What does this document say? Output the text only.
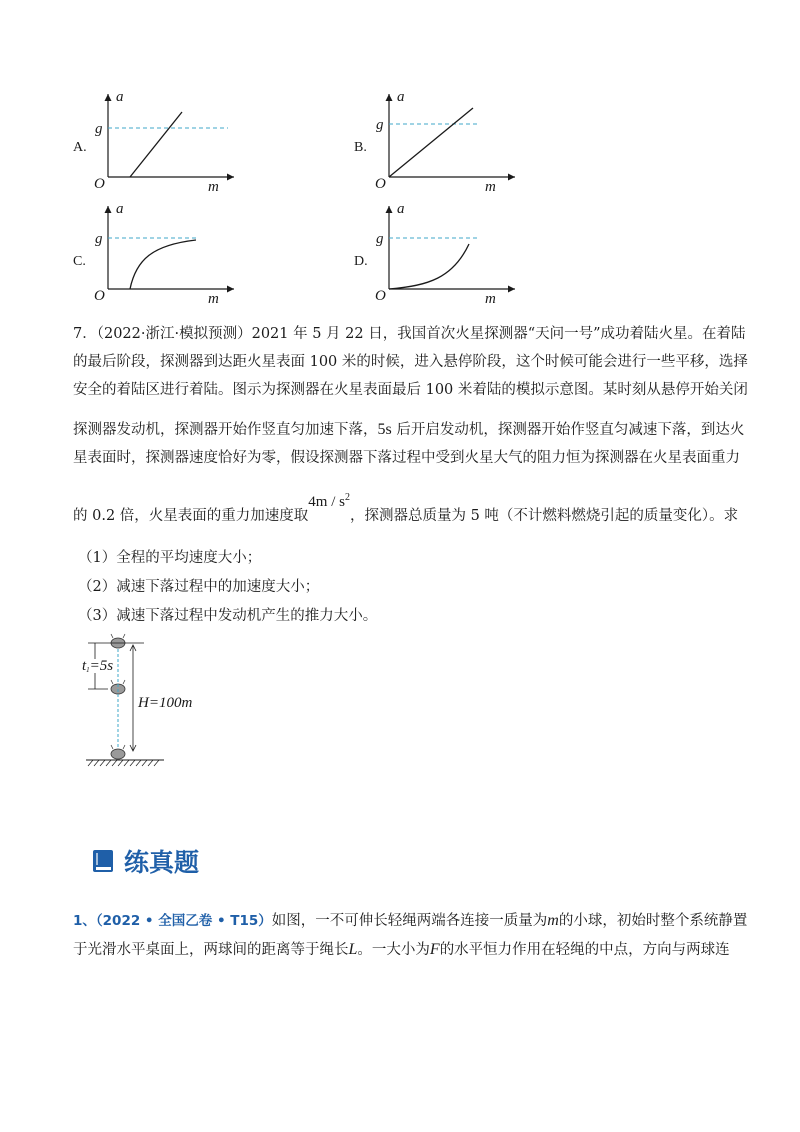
A.
a
g
O	m
B.
a
g
O	m
C.
a
g
O	m
D.
a
g
O	m
7．（2022·浙江·模拟预测）2021 年 5 月 22 日，我国首次火星探测器“天问一号”成功着陆火星。在着陆
的最后阶段，探测器到达距火星表面 100 米的时候，进入悬停阶段，这个时候可能会进行一些平移，选择
安全的着陆区进行着陆。图示为探测器在火星表面最后 100 米着陆的模拟示意图。某时刻从悬停开始关闭
探测器发动机，探测器开始作竖直匀加速下落，5s 后开启发动机，探测器开始作竖直匀减速下落，到达火
星表面时，探测器速度恰好为零，假设探测器下落过程中受到火星大气的阻力恒为探测器在火星表面重力
的 0.2 倍，火星表面的重力加速度取$4m / s^2$，探测器总质量为 5 吨（不计燃料燃烧引起的质量变化）。求
（1）全程的平均速度大小；
（2）减速下落过程中的加速度大小；
（3）减速下落过程中发动机产生的推力大小。
t1=5s
H=100m
练真题
1、（2022 • 全国乙卷 • T15）如图，一不可伸长轻绳两端各连接一质量为m的小球，初始时整个系统静置
于光滑水平桌面上，两球间的距离等于绳长L。一大小为F的水平恒力作用在轻绳的中点，方向与两球连
